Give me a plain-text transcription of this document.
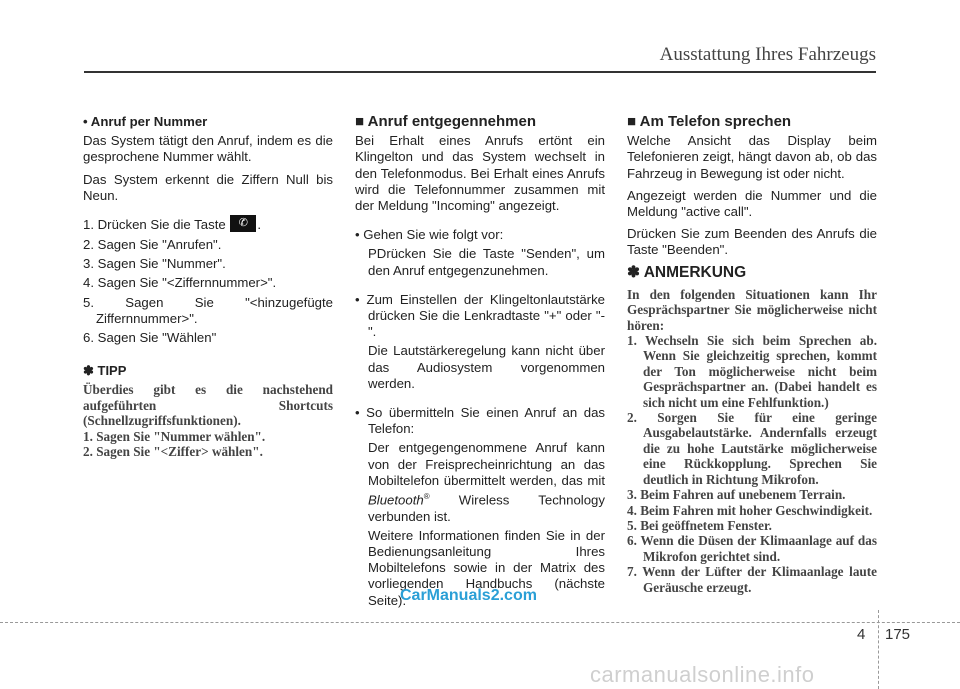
Ausstattung Ihres Fahrzeugs

• Anruf per Nummer

Das System tätigt den Anruf, indem es die gesprochene Nummer wählt.

Das System erkennt die Ziffern Null bis Neun.

1. Drücken Sie die Taste ✆ .

2. Sagen Sie "Anrufen".

3. Sagen Sie "Nummer".

4. Sagen Sie "<Ziffernnummer>".

5. Sagen Sie "<hinzugefügte Ziffernnummer>".

6. Sagen Sie "Wählen"

✽ TIPP

Überdies gibt es die nachstehend aufgeführten Shortcuts (Schnellzugriffsfunktionen).

1. Sagen Sie "Nummer wählen".

2. Sagen Sie "<Ziffer> wählen".

■ Anruf entgegennehmen

Bei Erhalt eines Anrufs ertönt ein Klingelton und das System wechselt in den Telefonmodus. Bei Erhalt eines Anrufs wird die Telefonnummer zusammen mit der Meldung "Incoming" angezeigt.

• Gehen Sie wie folgt vor:

PDrücken Sie die Taste "Senden", um den Anruf entgegenzunehmen.

• Zum Einstellen der Klingeltonlautstärke drücken Sie die Lenkradtaste "+" oder "-".

Die Lautstärkeregelung kann nicht über das Audiosystem vorgenommen werden.

• So übermitteln Sie einen Anruf an das Telefon:

Der entgegengenommene Anruf kann von der Freisprecheinrichtung an das Mobiltelefon übermittelt werden, das mit Bluetooth® Wireless Technology verbunden ist.

Weitere Informationen finden Sie in der Bedienungsanleitung Ihres Mobiltelefons sowie in der Matrix des vorliegenden Handbuchs (nächste Seite).

■ Am Telefon sprechen

Welche Ansicht das Display beim Telefonieren zeigt, hängt davon ab, ob das Fahrzeug in Bewegung ist oder nicht.

Angezeigt werden die Nummer und die Meldung "active call".

Drücken Sie zum Beenden des Anrufs die Taste "Beenden".

✽ ANMERKUNG

In den folgenden Situationen kann Ihr Gesprächspartner Sie möglicherweise nicht hören:

1. Wechseln Sie sich beim Sprechen ab. Wenn Sie gleichzeitig sprechen, kommt der Ton möglicherweise nicht beim Gesprächspartner an. (Dabei handelt es sich nicht um eine Fehlfunktion.)

2. Sorgen Sie für eine geringe Ausgabelautstärke. Andernfalls erzeugt die zu hohe Lautstärke möglicherweise eine Rückkopplung. Sprechen Sie deutlich in Richtung Mikrofon.

3. Beim Fahren auf unebenem Terrain.

4. Beim Fahren mit hoher Geschwindigkeit.

5. Bei geöffnetem Fenster.

6. Wenn die Düsen der Klimaanlage auf das Mikrofon gerichtet sind.

7. Wenn der Lüfter der Klimaanlage laute Geräusche erzeugt.

CarManuals2.com
4 175
carmanualsonline.info
